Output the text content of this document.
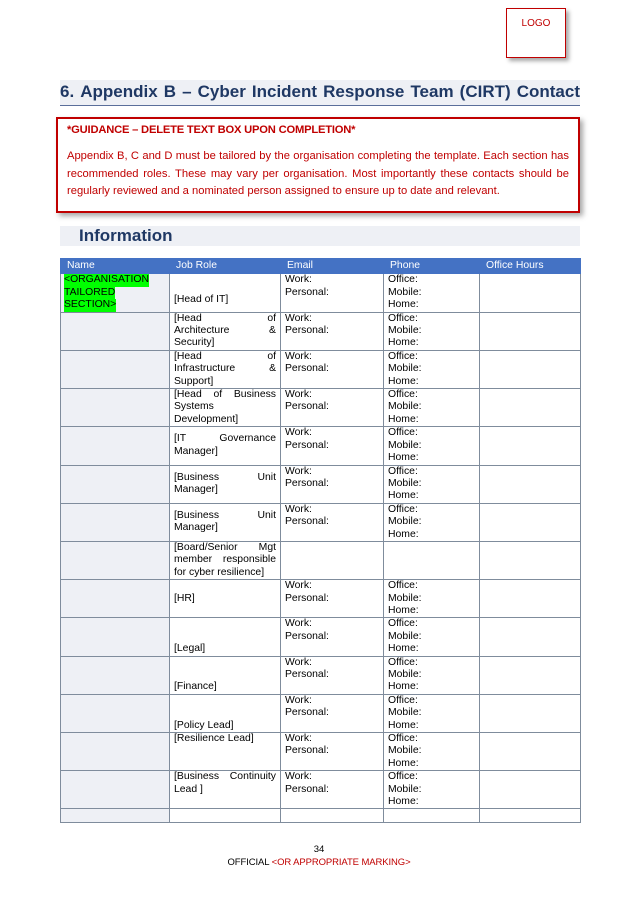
LOGO
6. Appendix B – Cyber Incident Response Team (CIRT) Contact
*GUIDANCE – DELETE TEXT BOX UPON COMPLETION*
Appendix B, C and D must be tailored by the organisation completing the template. Each section has recommended roles. These may vary per organisation. Most importantly these contacts should be regularly reviewed and a nominated person assigned to ensure up to date and relevant.
Information
Name	Job Role	Email	Phone	Office Hours

<ORGANISATION
TAILORED
SECTION>	[Head of IT]	Work:
Personal:	Office:
Mobile:
Home:	

	[Head of
Architecture &
Security]	Work:
Personal:	Office:
Mobile:
Home:	

	[Head of
Infrastructure &
Support]	Work:
Personal:	Office:
Mobile:
Home:	

	[Head of Business
Systems
Development]	Work:
Personal:	Office:
Mobile:
Home:	

	[IT Governance
Manager]	Work:
Personal:	Office:
Mobile:
Home:	

	[Business Unit
Manager]	Work:
Personal:	Office:
Mobile:
Home:	

	[Business Unit
Manager]	Work:
Personal:	Office:
Mobile:
Home:	

	[Board/Senior Mgt
member responsible
for cyber resilience]			

	[HR]	Work:
Personal:	Office:
Mobile:
Home:	

	[Legal]	Work:
Personal:	Office:
Mobile:
Home:	

	[Finance]	Work:
Personal:	Office:
Mobile:
Home:	

	[Policy Lead]	Work:
Personal:	Office:
Mobile:
Home:	

	[Resilience Lead]	Work:
Personal:	Office:
Mobile:
Home:	

	[Business Continuity
Lead ]	Work:
Personal:	Office:
Mobile:
Home:	

34
OFFICIAL <OR APPROPRIATE MARKING>
